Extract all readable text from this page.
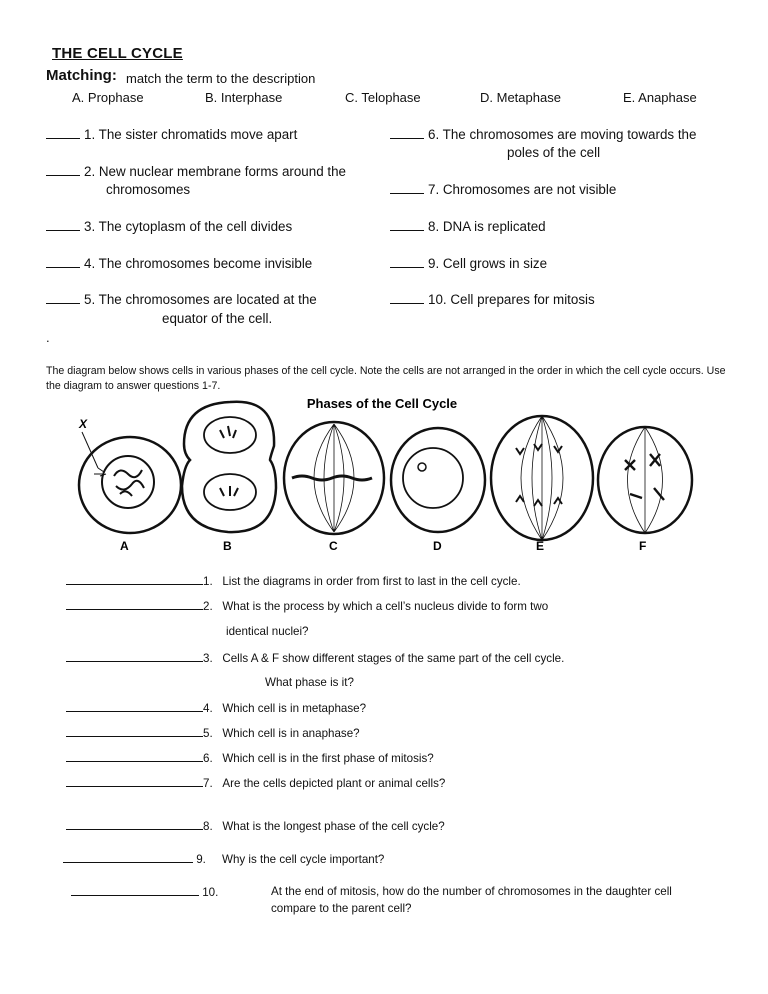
THE CELL CYCLE
Matching: match the term to the description
A. Prophase	B. Interphase	C. Telophase	D. Metaphase	E. Anaphase
1. The sister chromatids move apart
2. New nuclear membrane forms around the
chromosomes
3. The cytoplasm of the cell divides
4. The chromosomes become invisible
5. The chromosomes are located at the
equator of the cell.
6. The chromosomes are moving towards the
poles of the cell
7. Chromosomes are not visible
8. DNA is replicated
9. Cell grows in size
10. Cell prepares for mitosis
.
The diagram below shows cells in various phases of the cell cycle. Note the cells are not arranged in the order in which the cell cycle occurs. Use the diagram to answer questions 1-7.
Phases of the Cell Cycle
X
A	B	C	D	E	F
1. List the diagrams in order from first to last in the cell cycle.
2. What is the process by which a cell’s nucleus divide to form two
identical nuclei?
3. Cells A & F show different stages of the same part of the cell cycle.
What phase is it?
4. Which cell is in metaphase?
5. Which cell is in anaphase?
6. Which cell is in the first phase of mitosis?
7. Are the cells depicted plant or animal cells?
8. What is the longest phase of the cell cycle?
9. Why is the cell cycle important?
10.	At the end of mitosis, how do the number of chromosomes in the daughter cell
compare to the parent cell?
